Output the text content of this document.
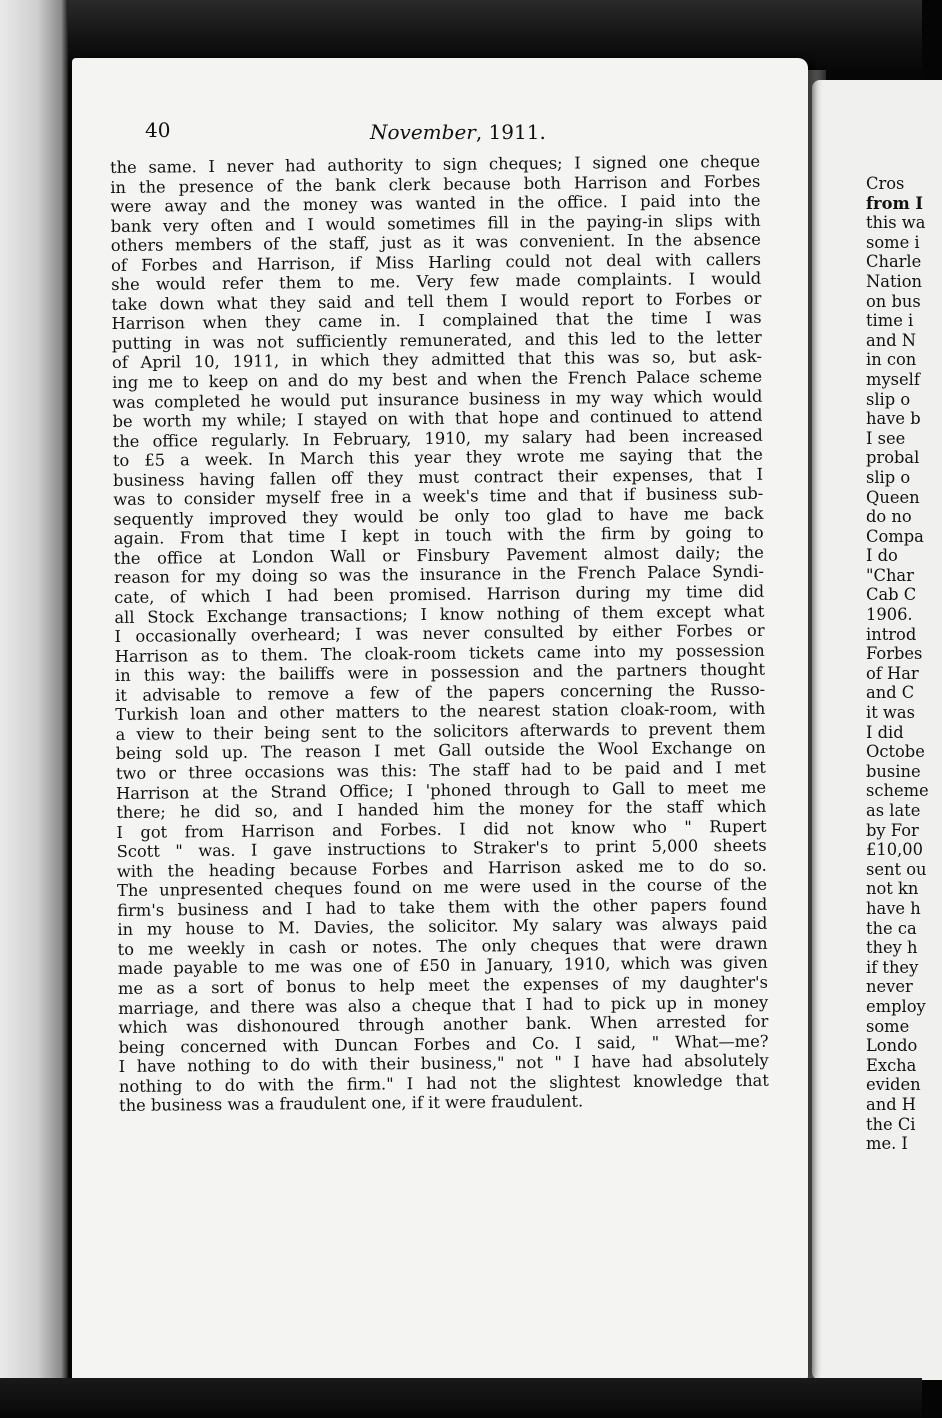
40	November, 1911.
the same. I never had authority to sign cheques; I signed one cheque
in the presence of the bank clerk because both Harrison and Forbes
were away and the money was wanted in the office. I paid into the
bank very often and I would sometimes fill in the paying-in slips with
others members of the staff, just as it was convenient. In the absence
of Forbes and Harrison, if Miss Harling could not deal with callers
she would refer them to me. Very few made complaints. I would
take down what they said and tell them I would report to Forbes or
Harrison when they came in. I complained that the time I was
putting in was not sufficiently remunerated, and this led to the letter
of April 10, 1911, in which they admitted that this was so, but ask-
ing me to keep on and do my best and when the French Palace scheme
was completed he would put insurance business in my way which would
be worth my while; I stayed on with that hope and continued to attend
the office regularly. In February, 1910, my salary had been increased
to £5 a week. In March this year they wrote me saying that the
business having fallen off they must contract their expenses, that I
was to consider myself free in a week's time and that if business sub-
sequently improved they would be only too glad to have me back
again. From that time I kept in touch with the firm by going to
the office at London Wall or Finsbury Pavement almost daily; the
reason for my doing so was the insurance in the French Palace Syndi-
cate, of which I had been promised. Harrison during my time did
all Stock Exchange transactions; I know nothing of them except what
I occasionally overheard; I was never consulted by either Forbes or
Harrison as to them. The cloak-room tickets came into my possession
in this way: the bailiffs were in possession and the partners thought
it advisable to remove a few of the papers concerning the Russo-
Turkish loan and other matters to the nearest station cloak-room, with
a view to their being sent to the solicitors afterwards to prevent them
being sold up. The reason I met Gall outside the Wool Exchange on
two or three occasions was this: The staff had to be paid and I met
Harrison at the Strand Office; I 'phoned through to Gall to meet me
there; he did so, and I handed him the money for the staff which
I got from Harrison and Forbes. I did not know who " Rupert
Scott " was. I gave instructions to Straker's to print 5,000 sheets
with the heading because Forbes and Harrison asked me to do so.
The unpresented cheques found on me were used in the course of the
firm's business and I had to take them with the other papers found
in my house to M. Davies, the solicitor. My salary was always paid
to me weekly in cash or notes. The only cheques that were drawn
made payable to me was one of £50 in January, 1910, which was given
me as a sort of bonus to help meet the expenses of my daughter's
marriage, and there was also a cheque that I had to pick up in money
which was dishonoured through another bank. When arrested for
being concerned with Duncan Forbes and Co. I said, " What—me?
I have nothing to do with their business," not " I have had absolutely
nothing to do with the firm." I had not the slightest knowledge that
the business was a fraudulent one, if it were fraudulent.
Cros
from I
this wa
some i
Charle
Nation
on bus
time i
and N
in con
myself
slip o
have b
I see
probal
slip o
Queen
do no
Compa
I do
"Char
Cab C
1906.
introd
Forbes
of Har
and C
it was
I did
Octobe
busine
scheme
as late
by For
£10,00
sent ou
not kn
have h
the ca
they h
if they
never
employ
some
Londo
Excha
eviden
and H
the Ci
me. I
